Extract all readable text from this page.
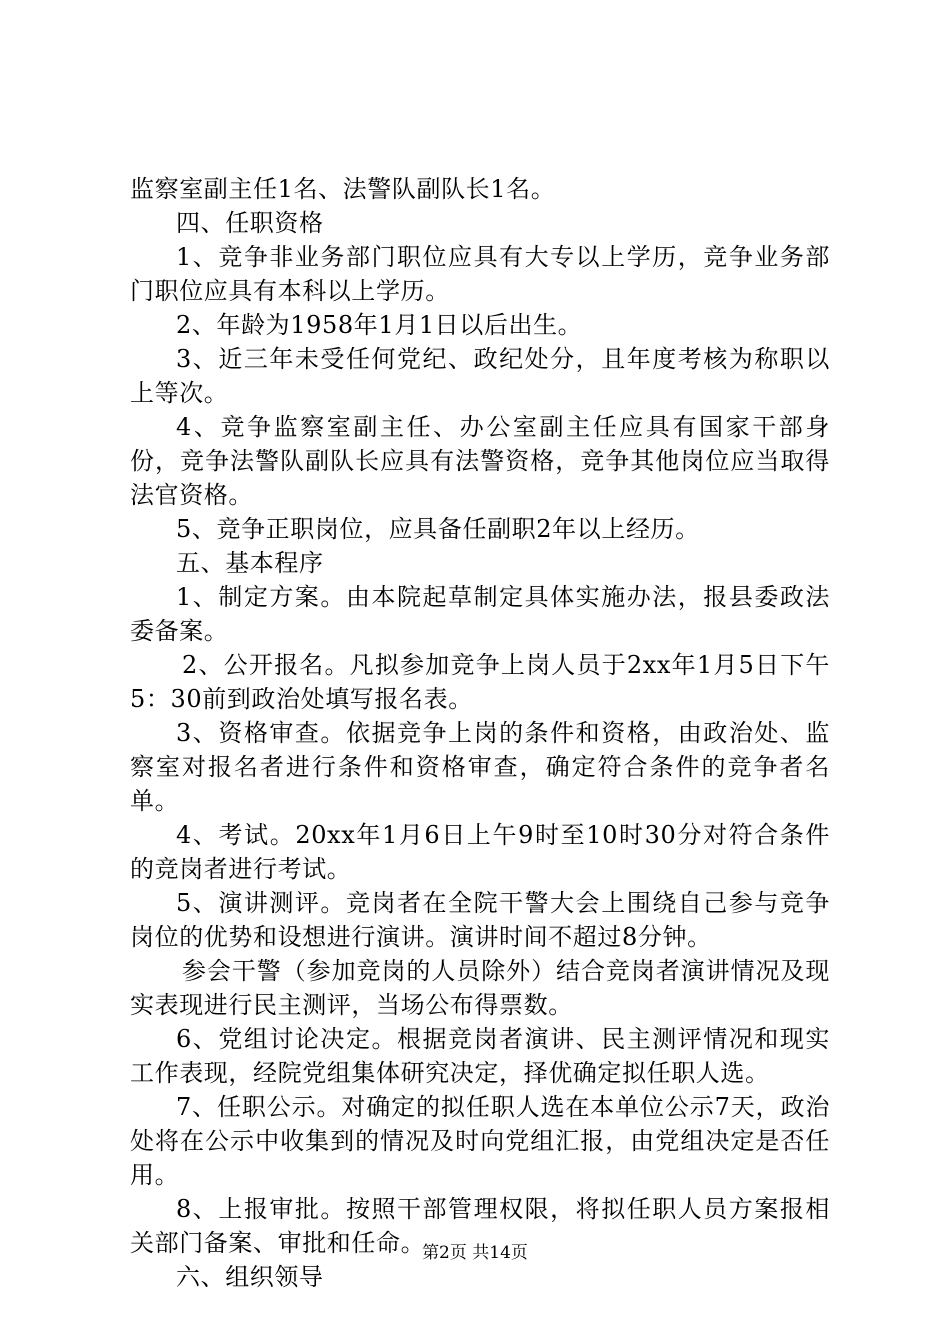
监察室副主任1名、法警队副队长1名。

四、任职资格

1、竞争非业务部门职位应具有大专以上学历，竞争业务部门职位应具有本科以上学历。

2、年龄为1958年1月1日以后出生。

3、近三年未受任何党纪、政纪处分，且年度考核为称职以上等次。

4、竞争监察室副主任、办公室副主任应具有国家干部身份，竞争法警队副队长应具有法警资格，竞争其他岗位应当取得法官资格。

5、竞争正职岗位，应具备任副职2年以上经历。

五、基本程序

1、制定方案。由本院起草制定具体实施办法，报县委政法委备案。

2、公开报名。凡拟参加竞争上岗人员于2xx年1月5日下午5：30前到政治处填写报名表。

3、资格审查。依据竞争上岗的条件和资格，由政治处、监察室对报名者进行条件和资格审查，确定符合条件的竞争者名单。

4、考试。20xx年1月6日上午9时至10时30分对符合条件的竞岗者进行考试。

5、演讲测评。竞岗者在全院干警大会上围绕自己参与竞争岗位的优势和设想进行演讲。演讲时间不超过8分钟。

参会干警（参加竞岗的人员除外）结合竞岗者演讲情况及现实表现进行民主测评，当场公布得票数。

6、党组讨论决定。根据竞岗者演讲、民主测评情况和现实工作表现，经院党组集体研究决定，择优确定拟任职人选。

7、任职公示。对确定的拟任职人选在本单位公示7天，政治处将在公示中收集到的情况及时向党组汇报，由党组决定是否任用。

8、上报审批。按照干部管理权限，将拟任职人员方案报相关部门备案、审批和任命。

六、组织领导

第2页 共14页
